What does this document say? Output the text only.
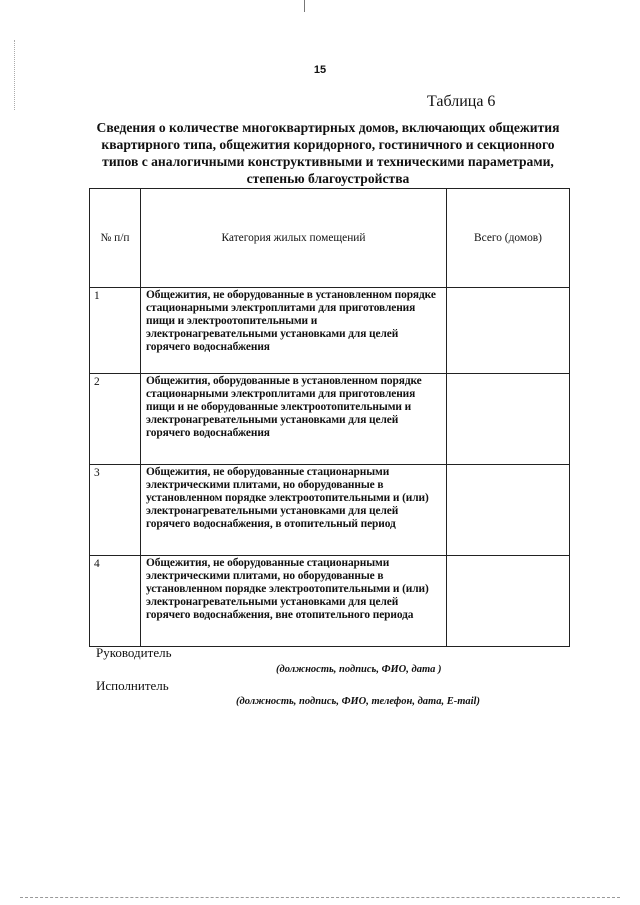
15
Таблица 6
Сведения о количестве многоквартирных домов, включающих общежития
квартирного типа, общежития коридорного, гостиничного и секционного
типов с аналогичными конструктивными и техническими параметрами,
степенью благоустройства
№ п/п	Категория жилых помещений	Всего (домов)
1	Общежития, не оборудованные в установленном порядке стационарными электроплитами для приготовления пищи и электроотопительными и электронагревательными установками для целей горячего водоснабжения	
2	Общежития, оборудованные в установленном порядке стационарными электроплитами для приготовления пищи и не оборудованные электроотопительными и электронагревательными установками для целей горячего водоснабжения	
3	Общежития, не оборудованные стационарными электрическими плитами, но оборудованные в установленном порядке электроотопительными и (или) электронагревательными установками для целей горячего водоснабжения, в отопительный период	
4	Общежития, не оборудованные стационарными электрическими плитами, но оборудованные в установленном порядке электроотопительными и (или) электронагревательными установками для целей горячего водоснабжения, вне отопительного периода	
Руководитель
(должность, подпись, ФИО, дата )
Исполнитель
(должность, подпись, ФИО, телефон, дата, E-mail)
